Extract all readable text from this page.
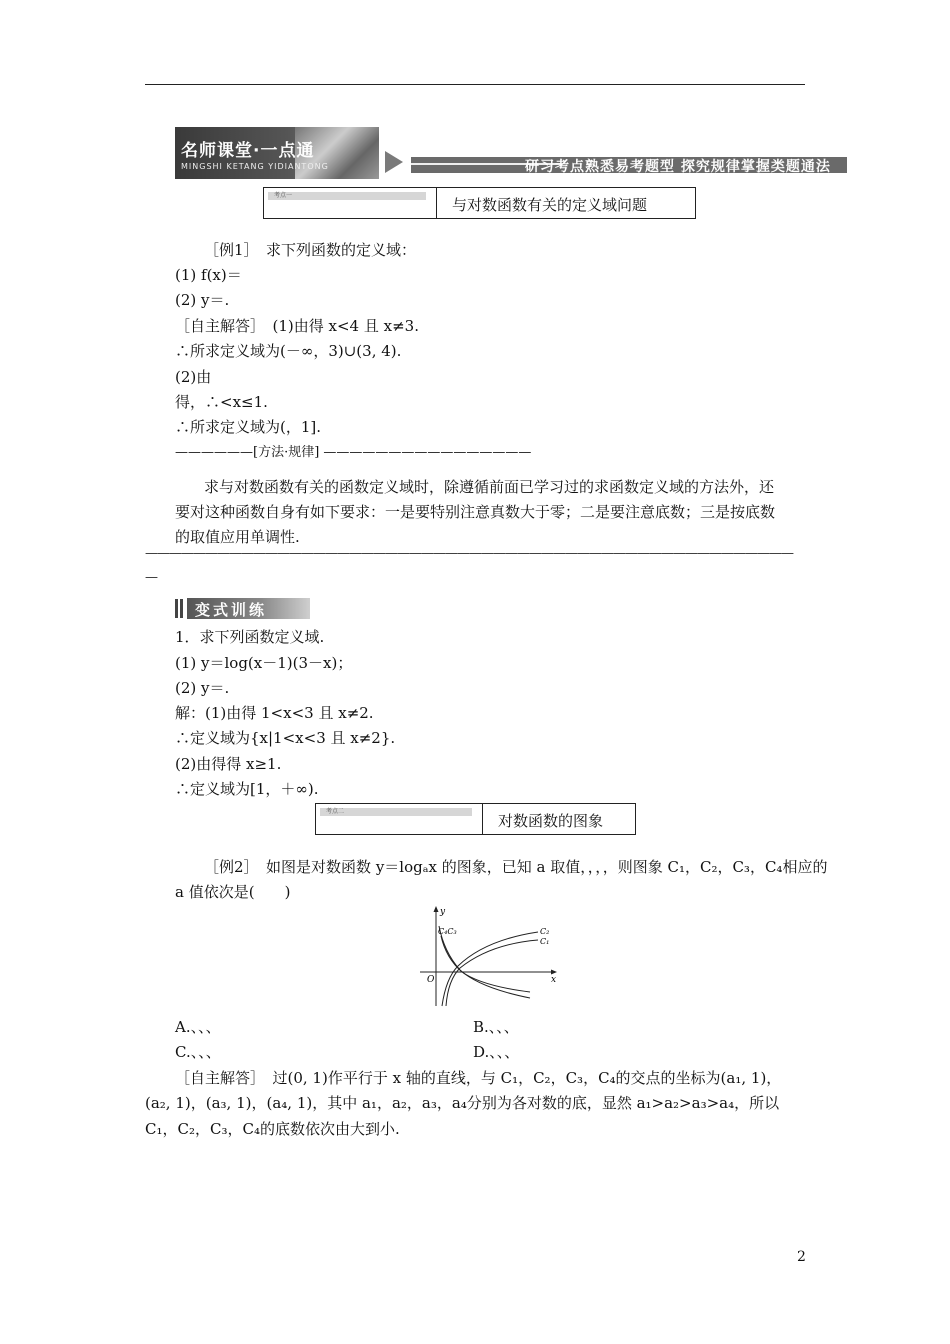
名师课堂·一点通
MINGSHI KETANG YIDIANTONG	研习考点熟悉易考题型 探究规律掌握类题通法
考点一
与对数函数有关的定义域问题
［例1］　求下列函数的定义域：
(1) f(x)＝
(2) y＝.
［自主解答］　(1)由得 x<4 且 x≠3.
∴所求定义域为(－∞，3)∪(3, 4).
(2)由
得，∴<x≤1.
∴所求定义域为(，1].
——————[方法·规律] ————————————————
求与对数函数有关的函数定义域时，除遵循前面已学习过的求函数定义域的方法外，还
要对这种函数自身有如下要求：一是要特别注意真数大于零；二是要注意底数；三是按底数
的取值应用单调性.
——————————————————————————————————————————————————————
—
变式训练
1．求下列函数定义域.
(1) y＝log(x－1)(3－x)；
(2) y＝.
解：(1)由得 1<x<3 且 x≠2.
∴定义域为{x|1<x<3 且 x≠2}.
(2)由得得 x≥1.
∴定义域为[1，＋∞).
考点二
对数函数的图象
［例2］　如图是对数函数 y＝logₐx 的图象，已知 a 取值，，，，则图象 C₁，C₂，C₃，C₄相应的
a 值依次是(　　)
y
x
O
C₄C₃	C₂
C₁
A.、、、	B.、、、
C.、、、	D.、、、
［自主解答］　过(0, 1)作平行于 x 轴的直线，与 C₁，C₂，C₃，C₄的交点的坐标为(a₁, 1)，
(a₂, 1)，(a₃, 1)，(a₄, 1)，其中 a₁，a₂，a₃，a₄分别为各对数的底，显然 a₁>a₂>a₃>a₄，所以
C₁，C₂，C₃，C₄的底数依次由大到小.
2
